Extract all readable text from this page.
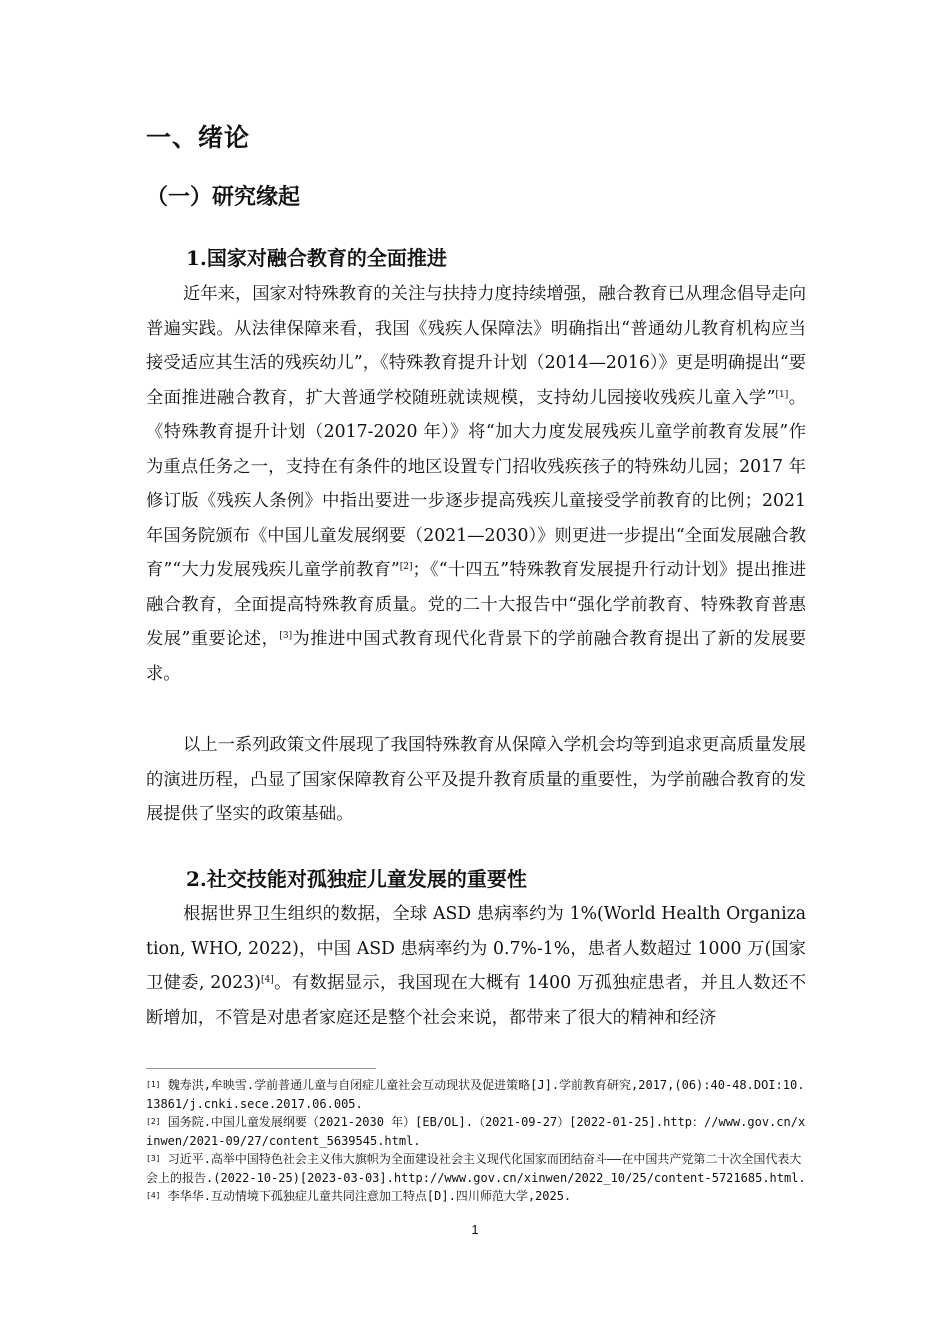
一、绪论
（一）研究缘起
1.国家对融合教育的全面推进

近年来，国家对特殊教育的关注与扶持力度持续增强，融合教育已从理念倡导走向普遍实践。从法律保障来看，我国《残疾人保障法》明确指出“普通幼儿教育机构应当接受适应其生活的残疾幼儿”，《特殊教育提升计划（2014—2016）》更是明确提出“要全面推进融合教育，扩大普通学校随班就读规模，支持幼儿园接收残疾儿童入学”[1]。《特殊教育提升计划（2017-2020 年）》将“加大力度发展残疾儿童学前教育发展”作为重点任务之一，支持在有条件的地区设置专门招收残疾孩子的特殊幼儿园；2017 年修订版《残疾人条例》中指出要进一步逐步提高残疾儿童接受学前教育的比例；2021 年国务院颁布《中国儿童发展纲要（2021—2030）》则更进一步提出“全面发展融合教育”“大力发展残疾儿童学前教育”[2]；《“十四五”特殊教育发展提升行动计划》提出推进融合教育，全面提高特殊教育质量。党的二十大报告中“强化学前教育、特殊教育普惠发展”重要论述，[3]为推进中国式教育现代化背景下的学前融合教育提出了新的发展要求。

以上一系列政策文件展现了我国特殊教育从保障入学机会均等到追求更高质量发展的演进历程，凸显了国家保障教育公平及提升教育质量的重要性，为学前融合教育的发展提供了坚实的政策基础。

2.社交技能对孤独症儿童发展的重要性

根据世界卫生组织的数据，全球 ASD 患病率约为 1%(World Health Organization, WHO, 2022)，中国 ASD 患病率约为 0.7%-1%，患者人数超过 1000 万(国家卫健委, 2023)[4]。有数据显示，我国现在大概有 1400 万孤独症患者，并且人数还不断增加，不管是对患者家庭还是整个社会来说，都带来了很大的精神和经济

[1] 魏寿洪,牟映雪.学前普通儿童与自闭症儿童社会互动现状及促进策略[J].学前教育研究,2017,(06):40-48.DOI:10.13861/j.cnki.sece.2017.06.005.

[2] 国务院.中国儿童发展纲要（2021-2030 年）[EB/OL].（2021-09-27）[2022-01-25].http：//www.gov.cn/xinwen/2021-09/27/content_5639545.html.

[3] 习近平.高举中国特色社会主义伟大旗帜为全面建设社会主义现代化国家而团结奋斗——在中国共产党第二十次全国代表大会上的报告.(2022-10-25)[2023-03-03].http://www.gov.cn/xinwen/2022_10/25/content-5721685.html.

[4] 李华华.互动情境下孤独症儿童共同注意加工特点[D].四川师范大学,2025.

1
